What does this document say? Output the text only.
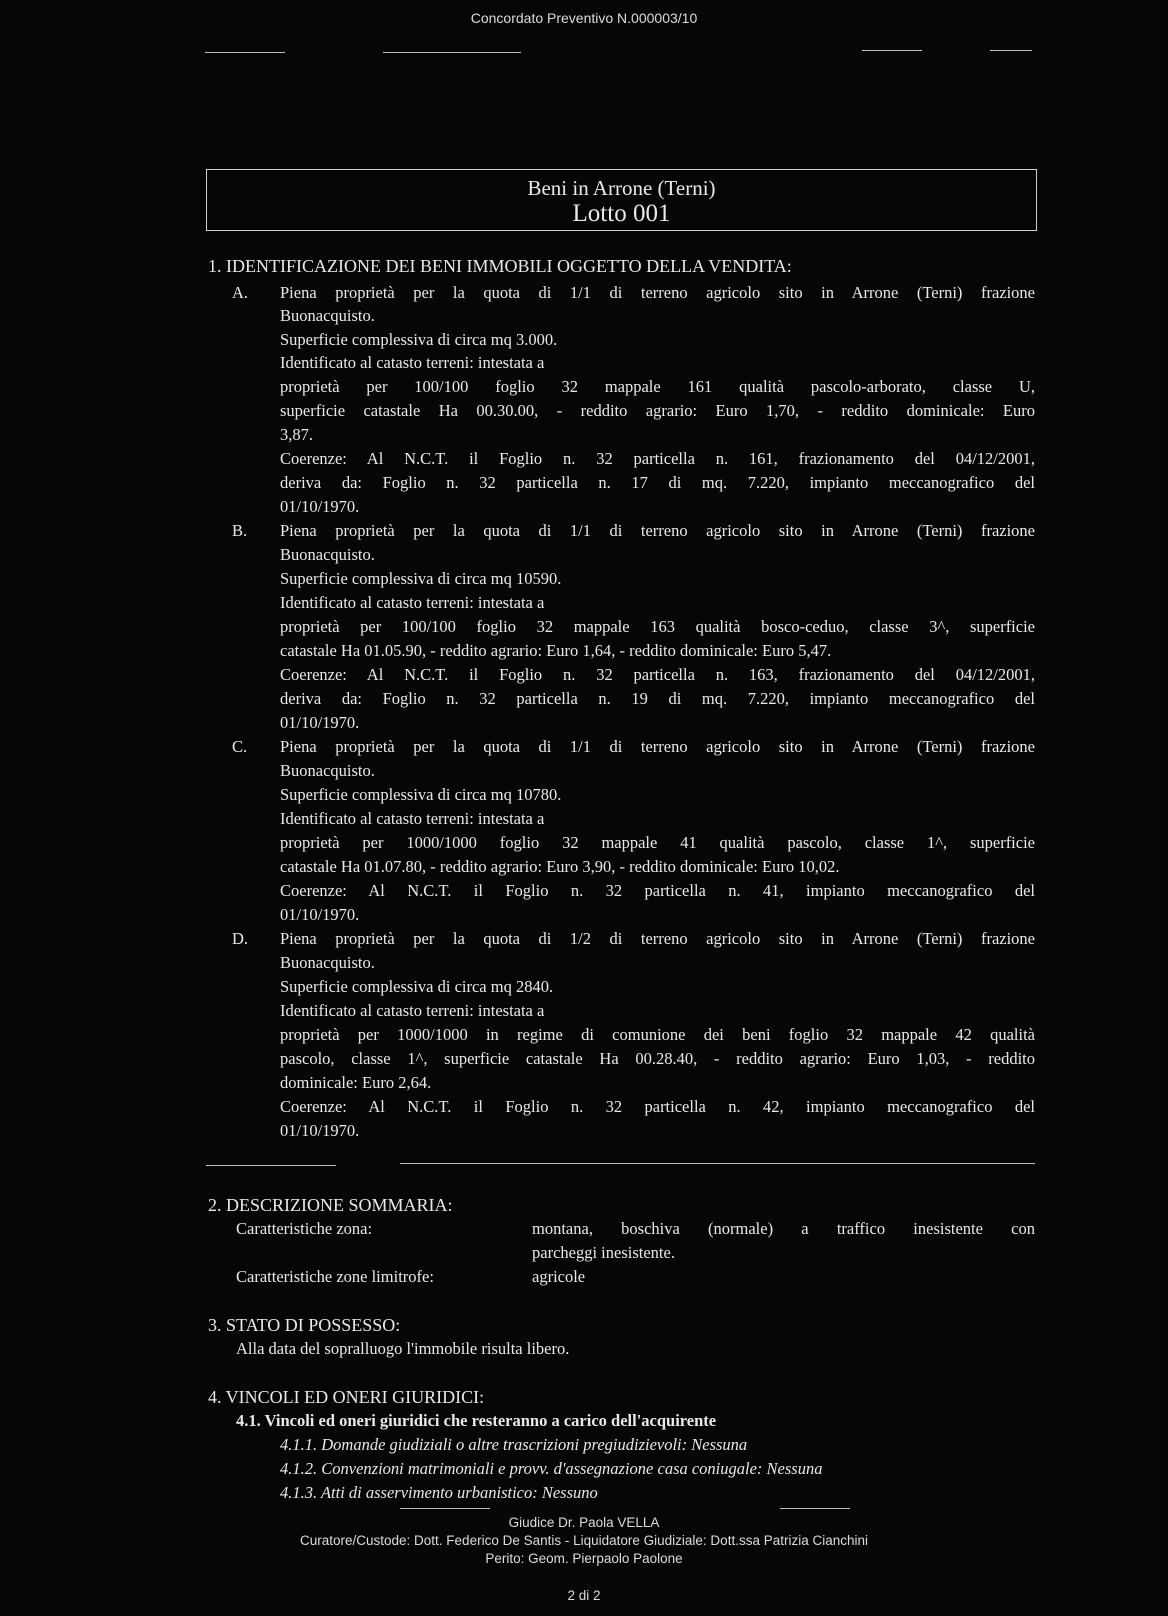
Concordato Preventivo N.000003/10
Beni in Arrone (Terni)
Lotto 001
1. IDENTIFICAZIONE DEI BENI IMMOBILI OGGETTO DELLA VENDITA:
A. Piena proprietà per la quota di 1/1 di terreno agricolo sito in Arrone (Terni) frazione
Buonacquisto.
Superficie complessiva di circa mq 3.000.
Identificato al catasto terreni: intestata a
proprietà per 100/100 foglio 32 mappale 161 qualità pascolo-arborato, classe U,
superficie catastale Ha 00.30.00, - reddito agrario: Euro 1,70, - reddito dominicale: Euro
3,87.
Coerenze: Al N.C.T. il Foglio n. 32 particella n. 161, frazionamento del 04/12/2001,
deriva da: Foglio n. 32 particella n. 17 di mq. 7.220, impianto meccanografico del
01/10/1970.
B. Piena proprietà per la quota di 1/1 di terreno agricolo sito in Arrone (Terni) frazione
Buonacquisto.
Superficie complessiva di circa mq 10590.
Identificato al catasto terreni: intestata a
proprietà per 100/100 foglio 32 mappale 163 qualità bosco-ceduo, classe 3^, superficie
catastale Ha 01.05.90, - reddito agrario: Euro 1,64, - reddito dominicale: Euro 5,47.
Coerenze: Al N.C.T. il Foglio n. 32 particella n. 163, frazionamento del 04/12/2001,
deriva da: Foglio n. 32 particella n. 19 di mq. 7.220, impianto meccanografico del
01/10/1970.
C. Piena proprietà per la quota di 1/1 di terreno agricolo sito in Arrone (Terni) frazione
Buonacquisto.
Superficie complessiva di circa mq 10780.
Identificato al catasto terreni: intestata a
proprietà per 1000/1000 foglio 32 mappale 41 qualità pascolo, classe 1^, superficie
catastale Ha 01.07.80, - reddito agrario: Euro 3,90, - reddito dominicale: Euro 10,02.
Coerenze: Al N.C.T. il Foglio n. 32 particella n. 41, impianto meccanografico del
01/10/1970.
D. Piena proprietà per la quota di 1/2 di terreno agricolo sito in Arrone (Terni) frazione
Buonacquisto.
Superficie complessiva di circa mq 2840.
Identificato al catasto terreni: intestata a
proprietà per 1000/1000 in regime di comunione dei beni foglio 32 mappale 42 qualità
pascolo, classe 1^, superficie catastale Ha 00.28.40, - reddito agrario: Euro 1,03, - reddito
dominicale: Euro 2,64.
Coerenze: Al N.C.T. il Foglio n. 32 particella n. 42, impianto meccanografico del
01/10/1970.
2. DESCRIZIONE SOMMARIA:
Caratteristiche zona:	montana, boschiva (normale) a traffico inesistente con
parcheggi inesistente.
Caratteristiche zone limitrofe:	agricole
3. STATO DI POSSESSO:
Alla data del sopralluogo l'immobile risulta libero.
4. VINCOLI ED ONERI GIURIDICI:
4.1. Vincoli ed oneri giuridici che resteranno a carico dell'acquirente
4.1.1. Domande giudiziali o altre trascrizioni pregiudizievoli: Nessuna
4.1.2. Convenzioni matrimoniali e provv. d'assegnazione casa coniugale: Nessuna
4.1.3. Atti di asservimento urbanistico: Nessuno
Giudice Dr. Paola VELLA
Curatore/Custode: Dott. Federico De Santis - Liquidatore Giudiziale: Dott.ssa Patrizia Cianchini
Perito: Geom. Pierpaolo Paolone
2 di 2
